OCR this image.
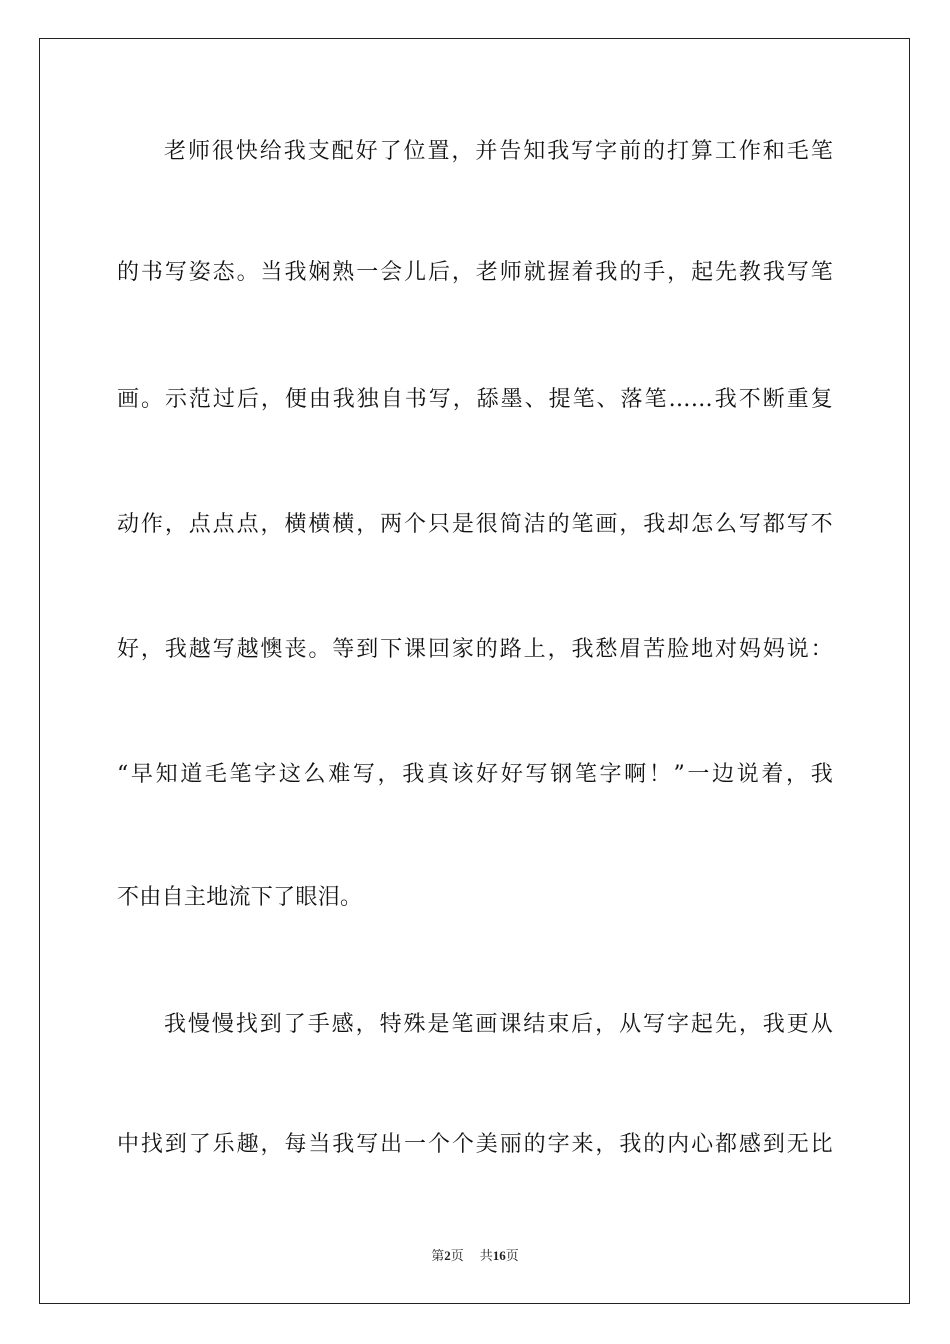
老师很快给我支配好了位置，并告知我写字前的打算工作和毛笔
的书写姿态。当我娴熟一会儿后，老师就握着我的手，起先教我写笔
画。示范过后，便由我独自书写，舔墨、提笔、落笔……我不断重复
动作，点点点，横横横，两个只是很简洁的笔画，我却怎么写都写不
好，我越写越懊丧。等到下课回家的路上，我愁眉苦脸地对妈妈说：
“早知道毛笔字这么难写，我真该好好写钢笔字啊！”一边说着，我
不由自主地流下了眼泪。
我慢慢找到了手感，特殊是笔画课结束后，从写字起先，我更从
中找到了乐趣，每当我写出一个个美丽的字来，我的内心都感到无比
第2页 共16页
